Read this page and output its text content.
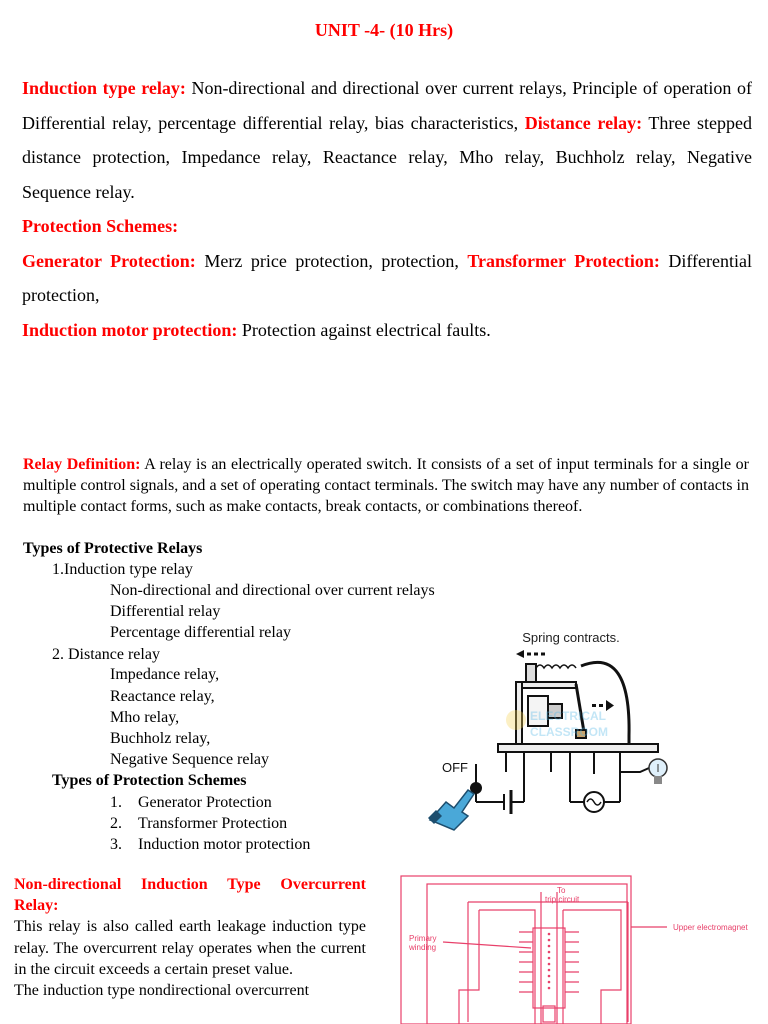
UNIT -4- (10 Hrs)

Induction type relay: Non-directional and directional over current relays, Principle of operation of Differential relay, percentage differential relay, bias characteristics, Distance relay: Three stepped distance protection, Impedance relay, Reactance relay, Mho relay, Buchholz relay, Negative Sequence relay.

Protection Schemes:

Generator Protection: Merz price protection, protection, Transformer Protection: Differential protection,

Induction motor protection: Protection against electrical faults.

Relay Definition: A relay is an electrically operated switch. It consists of a set of input terminals for a single or multiple control signals, and a set of operating contact terminals. The switch may have any number of contacts in multiple contact forms, such as make contacts, break contacts, or combinations thereof.

Types of Protective Relays
1.Induction type relay
Non-directional and directional over current relays
Differential relay
Percentage differential relay
2. Distance relay
Impedance relay,
Reactance relay,
Mho relay,
Buchholz relay,
Negative Sequence relay
Types of Protection Schemes
1. Generator Protection
2. Transformer Protection
3. Induction motor protection
Spring contracts.
ELECTRICAL
CLASSROOM
OFF

Non-directional Induction Type Overcurrent Relay:

This relay is also called earth leakage induction type relay. The overcurrent relay operates when the current in the circuit exceeds a certain preset value.

The induction type nondirectional overcurrent

To
trip circuit
Upper electromagnet
Primary
winding
